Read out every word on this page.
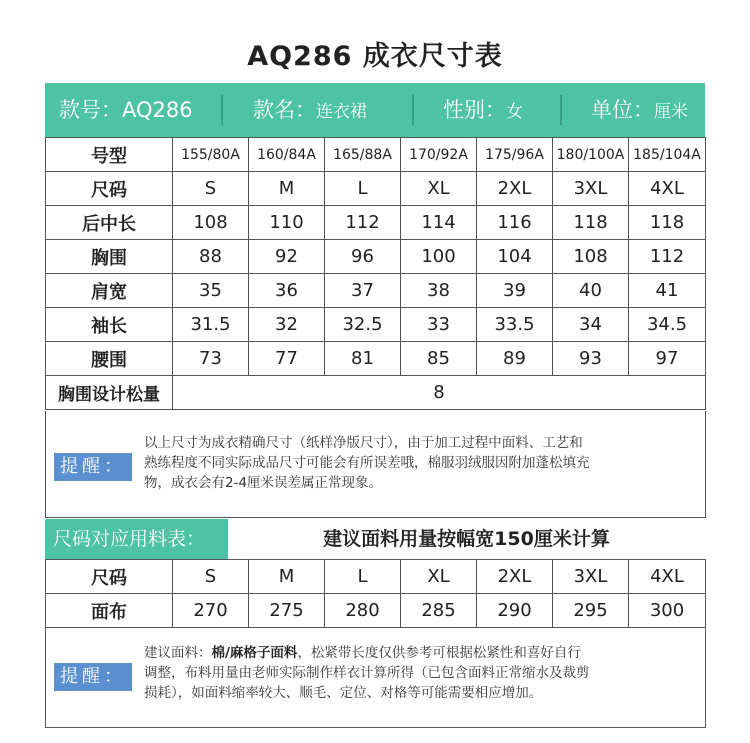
AQ286 成衣尺寸表
款号：AQ286	款名：连衣裙	性别：女	单位：厘米
号型	155/80A	160/84A	165/88A	170/92A	175/96A	180/100A	185/104A
尺码	S	M	L	XL	2XL	3XL	4XL
后中长	108	110	112	114	116	118	118
胸围	88	92	96	100	104	108	112
肩宽	35	36	37	38	39	40	41
袖长	31.5	32	32.5	33	33.5	34	34.5
腰围	73	77	81	85	89	93	97
胸围设计松量	8						
提醒：
以上尺寸为成衣精确尺寸（纸样净版尺寸），由于加工过程中面料、工艺和
熟练程度不同实际成品尺寸可能会有所误差哦，棉服羽绒服因附加蓬松填充
物，成衣会有2-4厘米误差属正常现象。
尺码对应用料表：	建议面料用量按幅宽150厘米计算
尺码	S	M	L	XL	2XL	3XL	4XL
面布	270	275	280	285	290	295	300
提醒：
建议面料：棉/麻格子面料，松紧带长度仅供参考可根据松紧性和喜好自行
调整，布料用量由老师实际制作样衣计算所得（已包含面料正常缩水及裁剪
损耗），如面料缩率较大、顺毛、定位、对格等可能需要相应增加。
